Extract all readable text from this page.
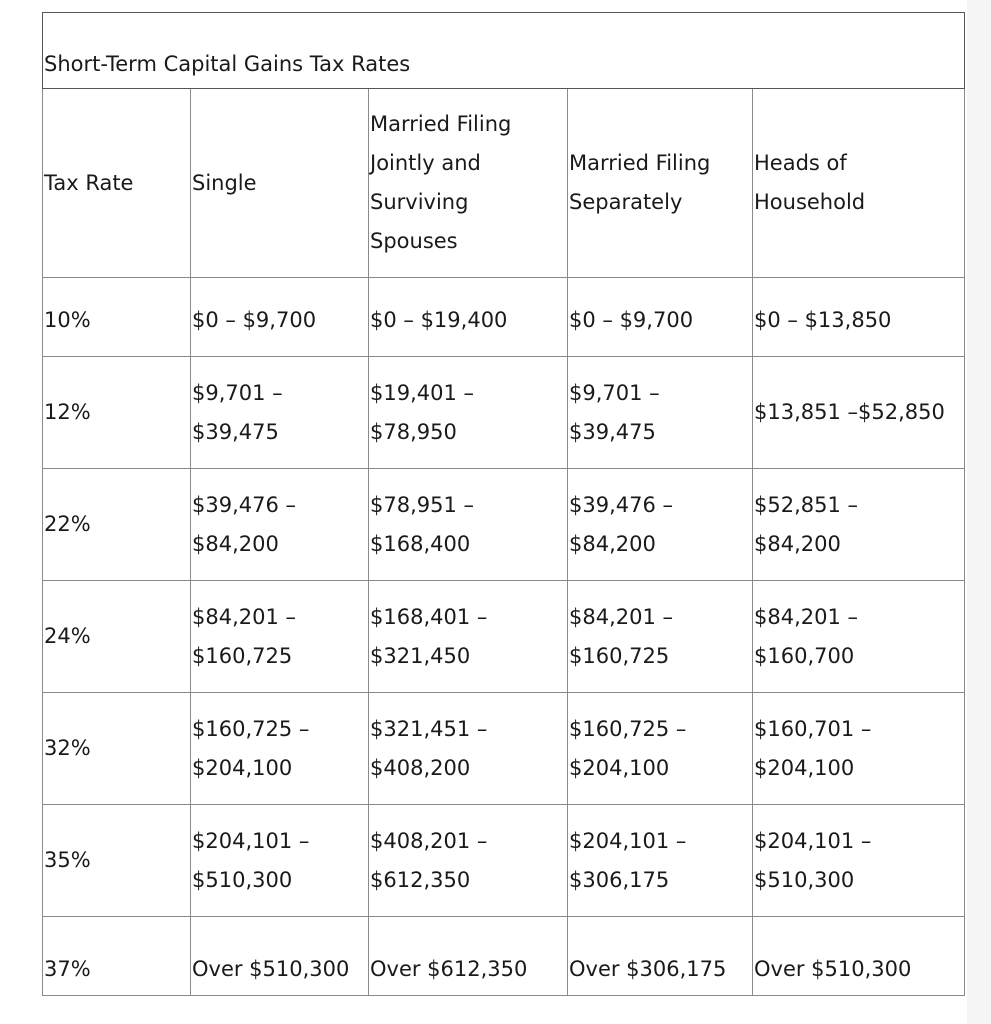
Short-Term Capital Gains Tax Rates				
Tax Rate	Single	Married Filing Jointly and Surviving Spouses	Married Filing Separately	Heads of Household
10%	$0 – $9,700	$0 – $19,400	$0 – $9,700	$0 – $13,850
12%	$9,701 – $39,475	$19,401 – $78,950	$9,701 – $39,475	$13,851 –$52,850
22%	$39,476 – $84,200	$78,951 – $168,400	$39,476 – $84,200	$52,851 – $84,200
24%	$84,201 – $160,725	$168,401 – $321,450	$84,201 – $160,725	$84,201 – $160,700
32%	$160,725 – $204,100	$321,451 – $408,200	$160,725 – $204,100	$160,701 – $204,100
35%	$204,101 – $510,300	$408,201 – $612,350	$204,101 – $306,175	$204,101 – $510,300
37%	Over $510,300	Over $612,350	Over $306,175	Over $510,300
